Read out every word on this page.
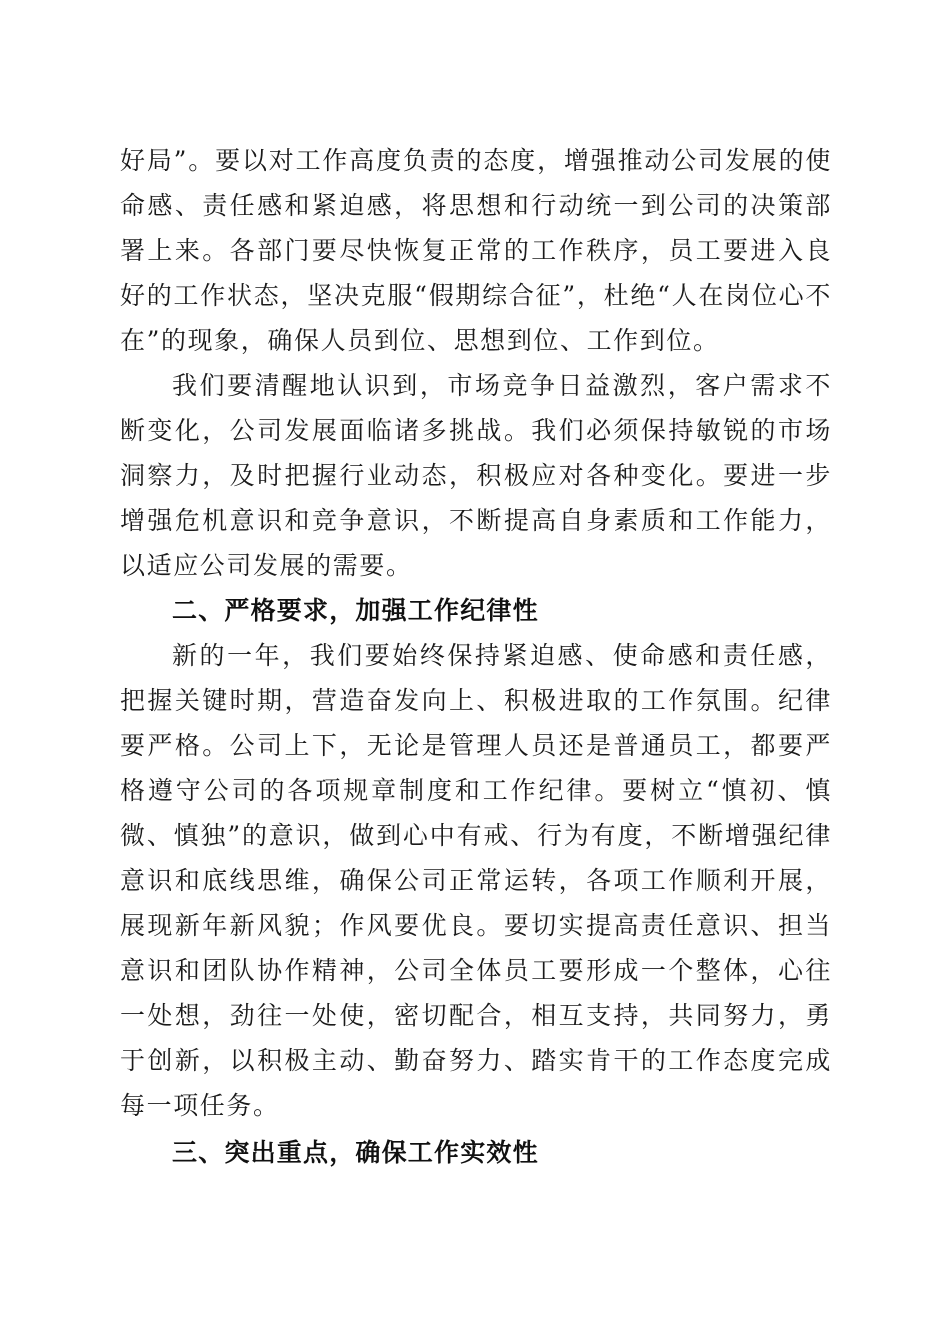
好局”。要以对工作高度负责的态度，增强推动公司发展的使命感、责任感和紧迫感，将思想和行动统一到公司的决策部署上来。各部门要尽快恢复正常的工作秩序，员工要进入良好的工作状态，坚决克服“假期综合征”，杜绝“人在岗位心不在”的现象，确保人员到位、思想到位、工作到位。

我们要清醒地认识到，市场竞争日益激烈，客户需求不断变化，公司发展面临诸多挑战。我们必须保持敏锐的市场洞察力，及时把握行业动态，积极应对各种变化。要进一步增强危机意识和竞争意识，不断提高自身素质和工作能力，以适应公司发展的需要。

二、严格要求，加强工作纪律性

新的一年，我们要始终保持紧迫感、使命感和责任感，把握关键时期，营造奋发向上、积极进取的工作氛围。纪律要严格。公司上下，无论是管理人员还是普通员工，都要严格遵守公司的各项规章制度和工作纪律。要树立“慎初、慎微、慎独”的意识，做到心中有戒、行为有度，不断增强纪律意识和底线思维，确保公司正常运转，各项工作顺利开展，展现新年新风貌；作风要优良。要切实提高责任意识、担当意识和团队协作精神，公司全体员工要形成一个整体，心往一处想，劲往一处使，密切配合，相互支持，共同努力，勇于创新，以积极主动、勤奋努力、踏实肯干的工作态度完成每一项任务。

三、突出重点，确保工作实效性
